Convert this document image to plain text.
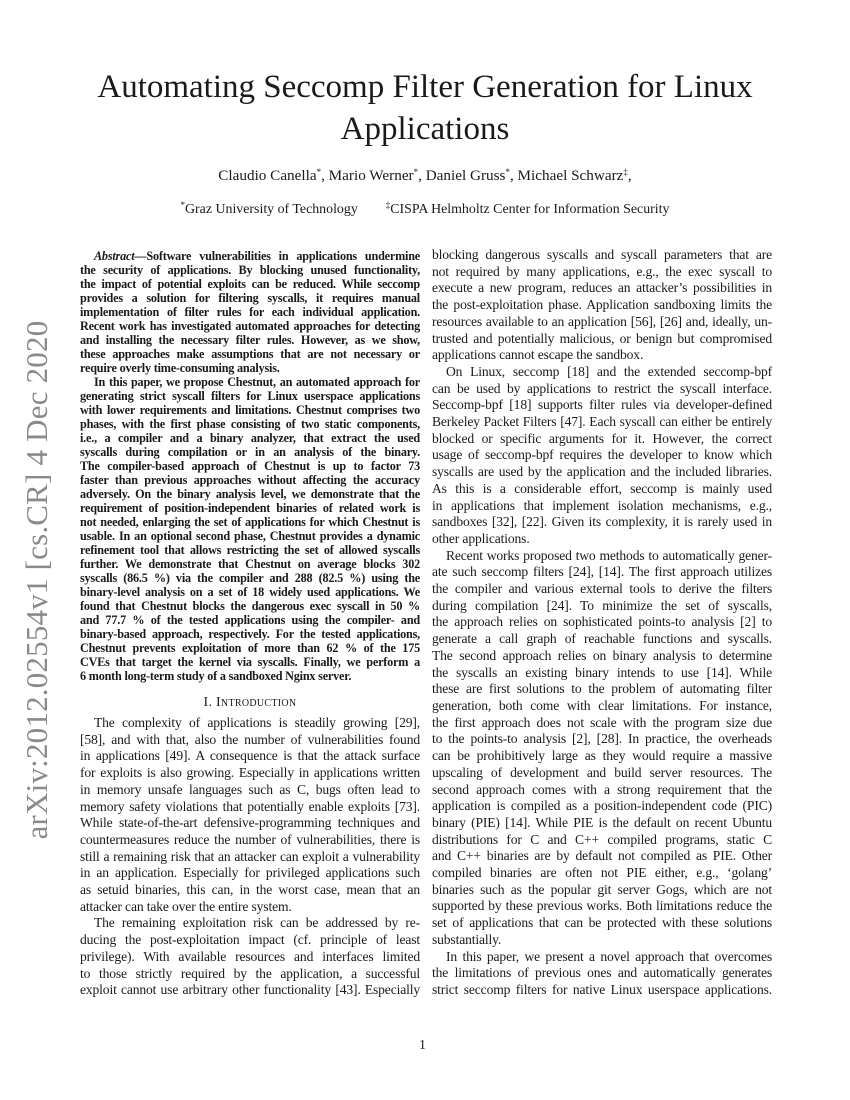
arXiv:2012.02554v1 [cs.CR] 4 Dec 2020
Automating Seccomp Filter Generation for Linux Applications
Claudio Canella*, Mario Werner*, Daniel Gruss*, Michael Schwarz‡,
*Graz University of Technology	‡CISPA Helmholtz Center for Information Security
Abstract—Software vulnerabilities in applications undermine
the security of applications. By blocking unused functionality,
the impact of potential exploits can be reduced. While seccomp
provides a solution for filtering syscalls, it requires manual
implementation of filter rules for each individual application.
Recent work has investigated automated approaches for detecting
and installing the necessary filter rules. However, as we show,
these approaches make assumptions that are not necessary or
require overly time-consuming analysis.
In this paper, we propose Chestnut, an automated approach for
generating strict syscall filters for Linux userspace applications
with lower requirements and limitations. Chestnut comprises two
phases, with the first phase consisting of two static components,
i.e., a compiler and a binary analyzer, that extract the used
syscalls during compilation or in an analysis of the binary.
The compiler-based approach of Chestnut is up to factor 73
faster than previous approaches without affecting the accuracy
adversely. On the binary analysis level, we demonstrate that the
requirement of position-independent binaries of related work is
not needed, enlarging the set of applications for which Chestnut is
usable. In an optional second phase, Chestnut provides a dynamic
refinement tool that allows restricting the set of allowed syscalls
further. We demonstrate that Chestnut on average blocks 302
syscalls (86.5 %) via the compiler and 288 (82.5 %) using the
binary-level analysis on a set of 18 widely used applications. We
found that Chestnut blocks the dangerous exec syscall in 50 %
and 77.7 % of the tested applications using the compiler- and
binary-based approach, respectively. For the tested applications,
Chestnut prevents exploitation of more than 62 % of the 175
CVEs that target the kernel via syscalls. Finally, we perform a
6 month long-term study of a sandboxed Nginx server.
I. Introduction
The complexity of applications is steadily growing [29],
[58], and with that, also the number of vulnerabilities found
in applications [49]. A consequence is that the attack surface
for exploits is also growing. Especially in applications written
in memory unsafe languages such as C, bugs often lead to
memory safety violations that potentially enable exploits [73].
While state-of-the-art defensive-programming techniques and
countermeasures reduce the number of vulnerabilities, there is
still a remaining risk that an attacker can exploit a vulnerability
in an application. Especially for privileged applications such
as setuid binaries, this can, in the worst case, mean that an
attacker can take over the entire system.
The remaining exploitation risk can be addressed by re-
ducing the post-exploitation impact (cf. principle of least
privilege). With available resources and interfaces limited
to those strictly required by the application, a successful
exploit cannot use arbitrary other functionality [43]. Especially
blocking dangerous syscalls and syscall parameters that are
not required by many applications, e.g., the exec syscall to
execute a new program, reduces an attacker’s possibilities in
the post-exploitation phase. Application sandboxing limits the
resources available to an application [56], [26] and, ideally, un-
trusted and potentially malicious, or benign but compromised
applications cannot escape the sandbox.
On Linux, seccomp [18] and the extended seccomp-bpf
can be used by applications to restrict the syscall interface.
Seccomp-bpf [18] supports filter rules via developer-defined
Berkeley Packet Filters [47]. Each syscall can either be entirely
blocked or specific arguments for it. However, the correct
usage of seccomp-bpf requires the developer to know which
syscalls are used by the application and the included libraries.
As this is a considerable effort, seccomp is mainly used
in applications that implement isolation mechanisms, e.g.,
sandboxes [32], [22]. Given its complexity, it is rarely used in
other applications.
Recent works proposed two methods to automatically gener-
ate such seccomp filters [24], [14]. The first approach utilizes
the compiler and various external tools to derive the filters
during compilation [24]. To minimize the set of syscalls,
the approach relies on sophisticated points-to analysis [2] to
generate a call graph of reachable functions and syscalls.
The second approach relies on binary analysis to determine
the syscalls an existing binary intends to use [14]. While
these are first solutions to the problem of automating filter
generation, both come with clear limitations. For instance,
the first approach does not scale with the program size due
to the points-to analysis [2], [28]. In practice, the overheads
can be prohibitively large as they would require a massive
upscaling of development and build server resources. The
second approach comes with a strong requirement that the
application is compiled as a position-independent code (PIC)
binary (PIE) [14]. While PIE is the default on recent Ubuntu
distributions for C and C++ compiled programs, static C
and C++ binaries are by default not compiled as PIE. Other
compiled binaries are often not PIE either, e.g., ‘golang’
binaries such as the popular git server Gogs, which are not
supported by these previous works. Both limitations reduce the
set of applications that can be protected with these solutions
substantially.
In this paper, we present a novel approach that overcomes
the limitations of previous ones and automatically generates
strict seccomp filters for native Linux userspace applications.
1
